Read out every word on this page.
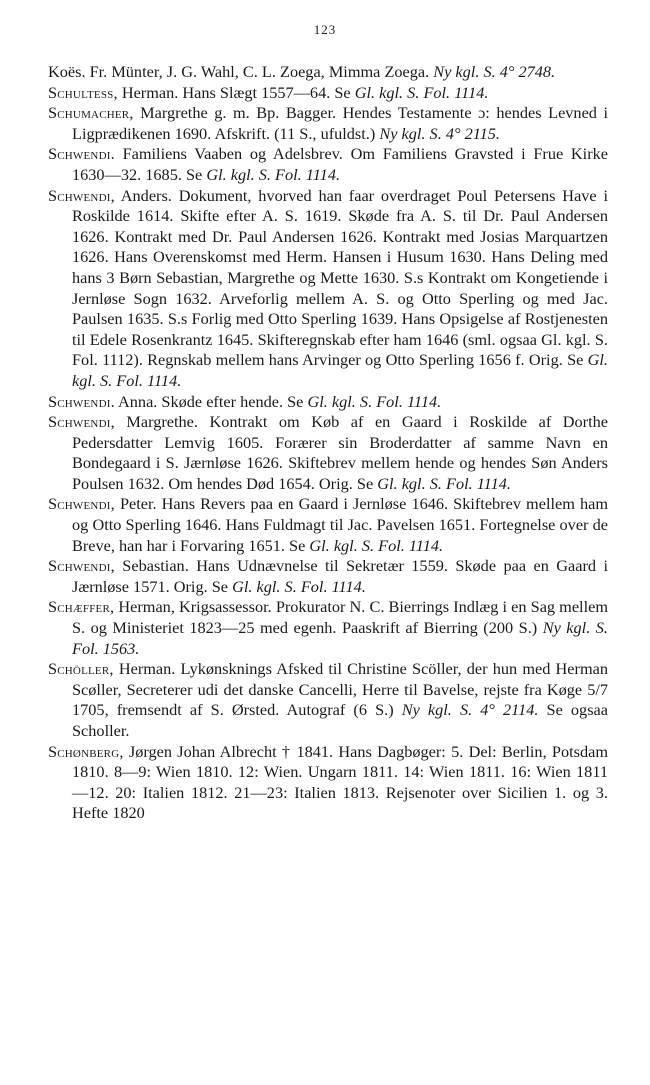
123

Koës. Fr. Münter, J. G. Wahl, C. L. Zoega, Mimma Zoega. Ny kgl. S. 4° 2748.

Schultess, Herman. Hans Slægt 1557—64. Se Gl. kgl. S. Fol. 1114.

Schumacher, Margrethe g. m. Bp. Bagger. Hendes Testamente ɔ: hendes Levned i Ligprædikenen 1690. Afskrift. (11 S., ufuldst.) Ny kgl. S. 4° 2115.

Schwendi. Familiens Vaaben og Adelsbrev. Om Familiens Gravsted i Frue Kirke 1630—32. 1685. Se Gl. kgl. S. Fol. 1114.

Schwendi, Anders. Dokument, hvorved han faar overdraget Poul Petersens Have i Roskilde 1614. Skifte efter A. S. 1619. Skøde fra A. S. til Dr. Paul Andersen 1626. Kontrakt med Dr. Paul Andersen 1626. Kontrakt med Josias Marquartzen 1626. Hans Overenskomst med Herm. Hansen i Husum 1630. Hans Deling med hans 3 Børn Sebastian, Margrethe og Mette 1630. S.s Kontrakt om Kongetiende i Jernløse Sogn 1632. Arveforlig mellem A. S. og Otto Sperling og med Jac. Paulsen 1635. S.s Forlig med Otto Sperling 1639. Hans Opsigelse af Rostjenesten til Edele Rosenkrantz 1645. Skifteregnskab efter ham 1646 (sml. ogsaa Gl. kgl. S. Fol. 1112). Regnskab mellem hans Arvinger og Otto Sperling 1656 f. Orig. Se Gl. kgl. S. Fol. 1114.

Schwendi. Anna. Skøde efter hende. Se Gl. kgl. S. Fol. 1114.

Schwendi, Margrethe. Kontrakt om Køb af en Gaard i Roskilde af Dorthe Pedersdatter Lemvig 1605. Forærer sin Broderdatter af samme Navn en Bondegaard i S. Jærnløse 1626. Skiftebrev mellem hende og hendes Søn Anders Poulsen 1632. Om hendes Død 1654. Orig. Se Gl. kgl. S. Fol. 1114.

Schwendi, Peter. Hans Revers paa en Gaard i Jernløse 1646. Skiftebrev mellem ham og Otto Sperling 1646. Hans Fuldmagt til Jac. Pavelsen 1651. Fortegnelse over de Breve, han har i Forvaring 1651. Se Gl. kgl. S. Fol. 1114.

Schwendi, Sebastian. Hans Udnævnelse til Sekretær 1559. Skøde paa en Gaard i Jærnløse 1571. Orig. Se Gl. kgl. S. Fol. 1114.

Schæffer, Herman, Krigsassessor. Prokurator N. C. Bierrings Indlæg i en Sag mellem S. og Ministeriet 1823—25 med egenh. Paaskrift af Bierring (200 S.) Ny kgl. S. Fol. 1563.

Schöller, Herman. Lykønsknings Afsked til Christine Scöller, der hun med Herman Scøller, Secreterer udi det danske Cancelli, Herre til Bavelse, rejste fra Køge 5/7 1705, fremsendt af S. Ørsted. Autograf (6 S.) Ny kgl. S. 4° 2114. Se ogsaa Scholler.

Schønberg, Jørgen Johan Albrecht † 1841. Hans Dagbøger: 5. Del: Berlin, Potsdam 1810. 8—9: Wien 1810. 12: Wien. Ungarn 1811. 14: Wien 1811. 16: Wien 1811—12. 20: Italien 1812. 21—23: Italien 1813. Rejsenoter over Sicilien 1. og 3. Hefte 1820
